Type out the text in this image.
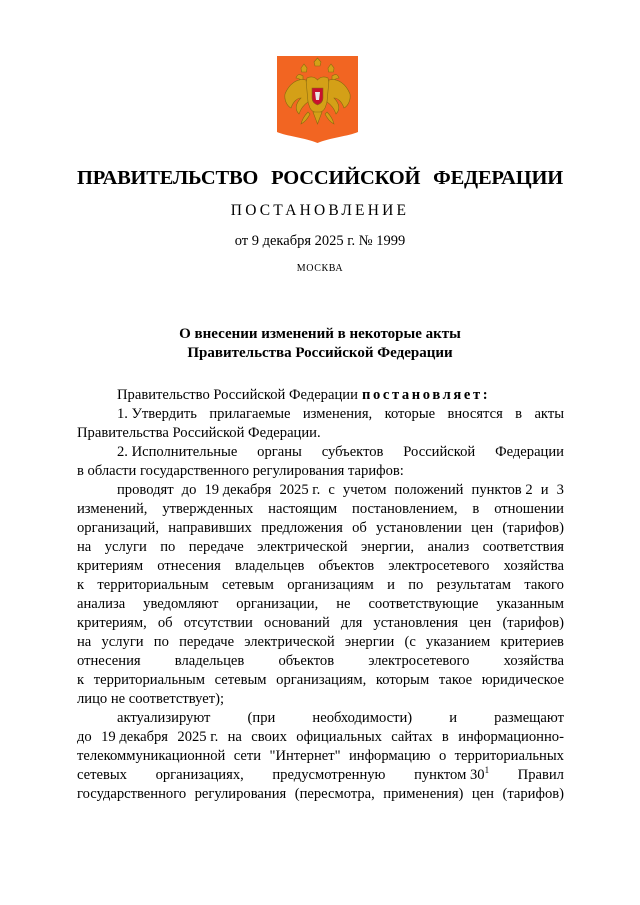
ПРАВИТЕЛЬСТВО РОССИЙСКОЙ ФЕДЕРАЦИИ
ПОСТАНОВЛЕНИЕ
от 9 декабря 2025 г. № 1999
МОСКВА
О внесении изменений в некоторые акты
Правительства Российской Федерации
Правительство Российской Федерации постановляет:
1. Утвердить прилагаемые изменения, которые вносятся в акты
Правительства Российской Федерации.
2. Исполнительные органы субъектов Российской Федерации
в области государственного регулирования тарифов:
проводят до 19 декабря 2025 г. с учетом положений пунктов 2 и 3
изменений, утвержденных настоящим постановлением, в отношении
организаций, направивших предложения об установлении цен (тарифов)
на услуги по передаче электрической энергии, анализ соответствия
критериям отнесения владельцев объектов электросетевого хозяйства
к территориальным сетевым организациям и по результатам такого
анализа уведомляют организации, не соответствующие указанным
критериям, об отсутствии оснований для установления цен (тарифов)
на услуги по передаче электрической энергии (с указанием критериев
отнесения владельцев объектов электросетевого хозяйства
к территориальным сетевым организациям, которым такое юридическое
лицо не соответствует);
актуализируют	(при	необходимости)	и	размещают
до 19 декабря 2025 г. на своих официальных сайтах в информационно-
телекоммуникационной сети "Интернет" информацию о территориальных
сетевых организациях, предусмотренную пунктом $30^1$ Правил
государственного регулирования (пересмотра, применения) цен (тарифов)
